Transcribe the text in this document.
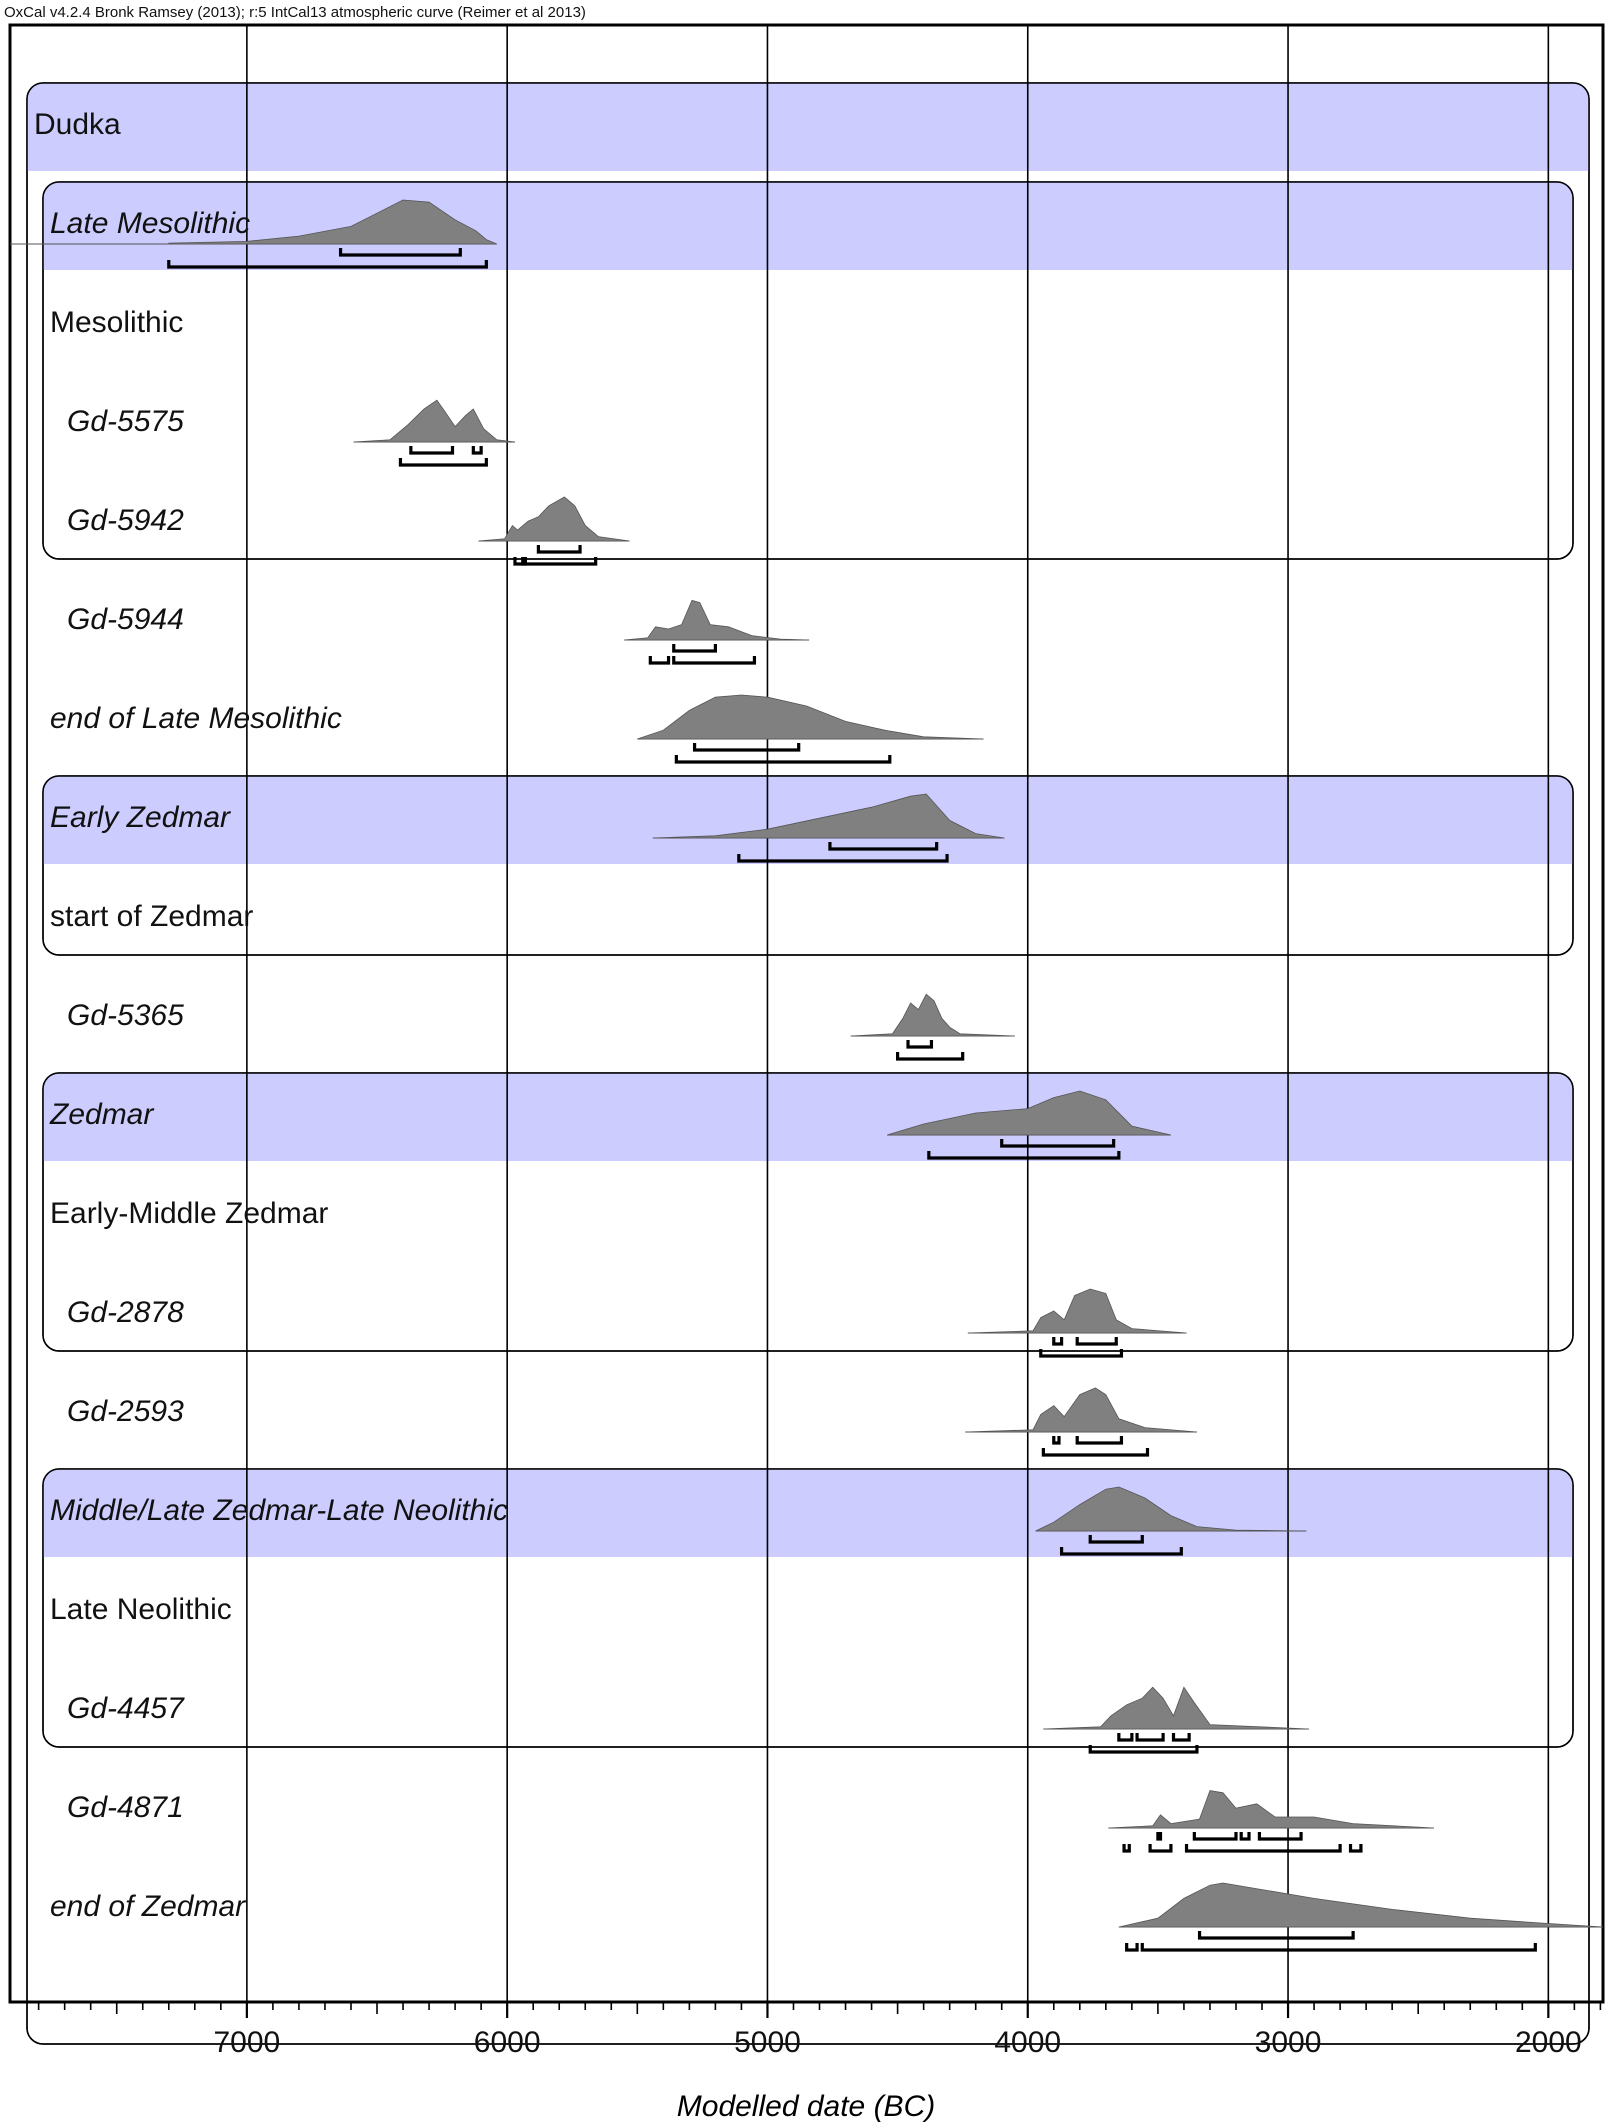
OxCal v4.2.4 Bronk Ramsey (2013); r:5 IntCal13 atmospheric curve (Reimer et al 2013)
Dudka
Late Mesolithic
Mesolithic
Gd-5575
Gd-5942
Gd-5944
end of Late Mesolithic
Early Zedmar
start of Zedmar
Gd-5365
Zedmar
Early-Middle Zedmar
Gd-2878
Gd-2593
Middle/Late Zedmar-Late Neolithic
Late Neolithic
Gd-4457
Gd-4871
end of Zedmar
7000	6000	5000	4000	3000	2000
Modelled date (BC)
